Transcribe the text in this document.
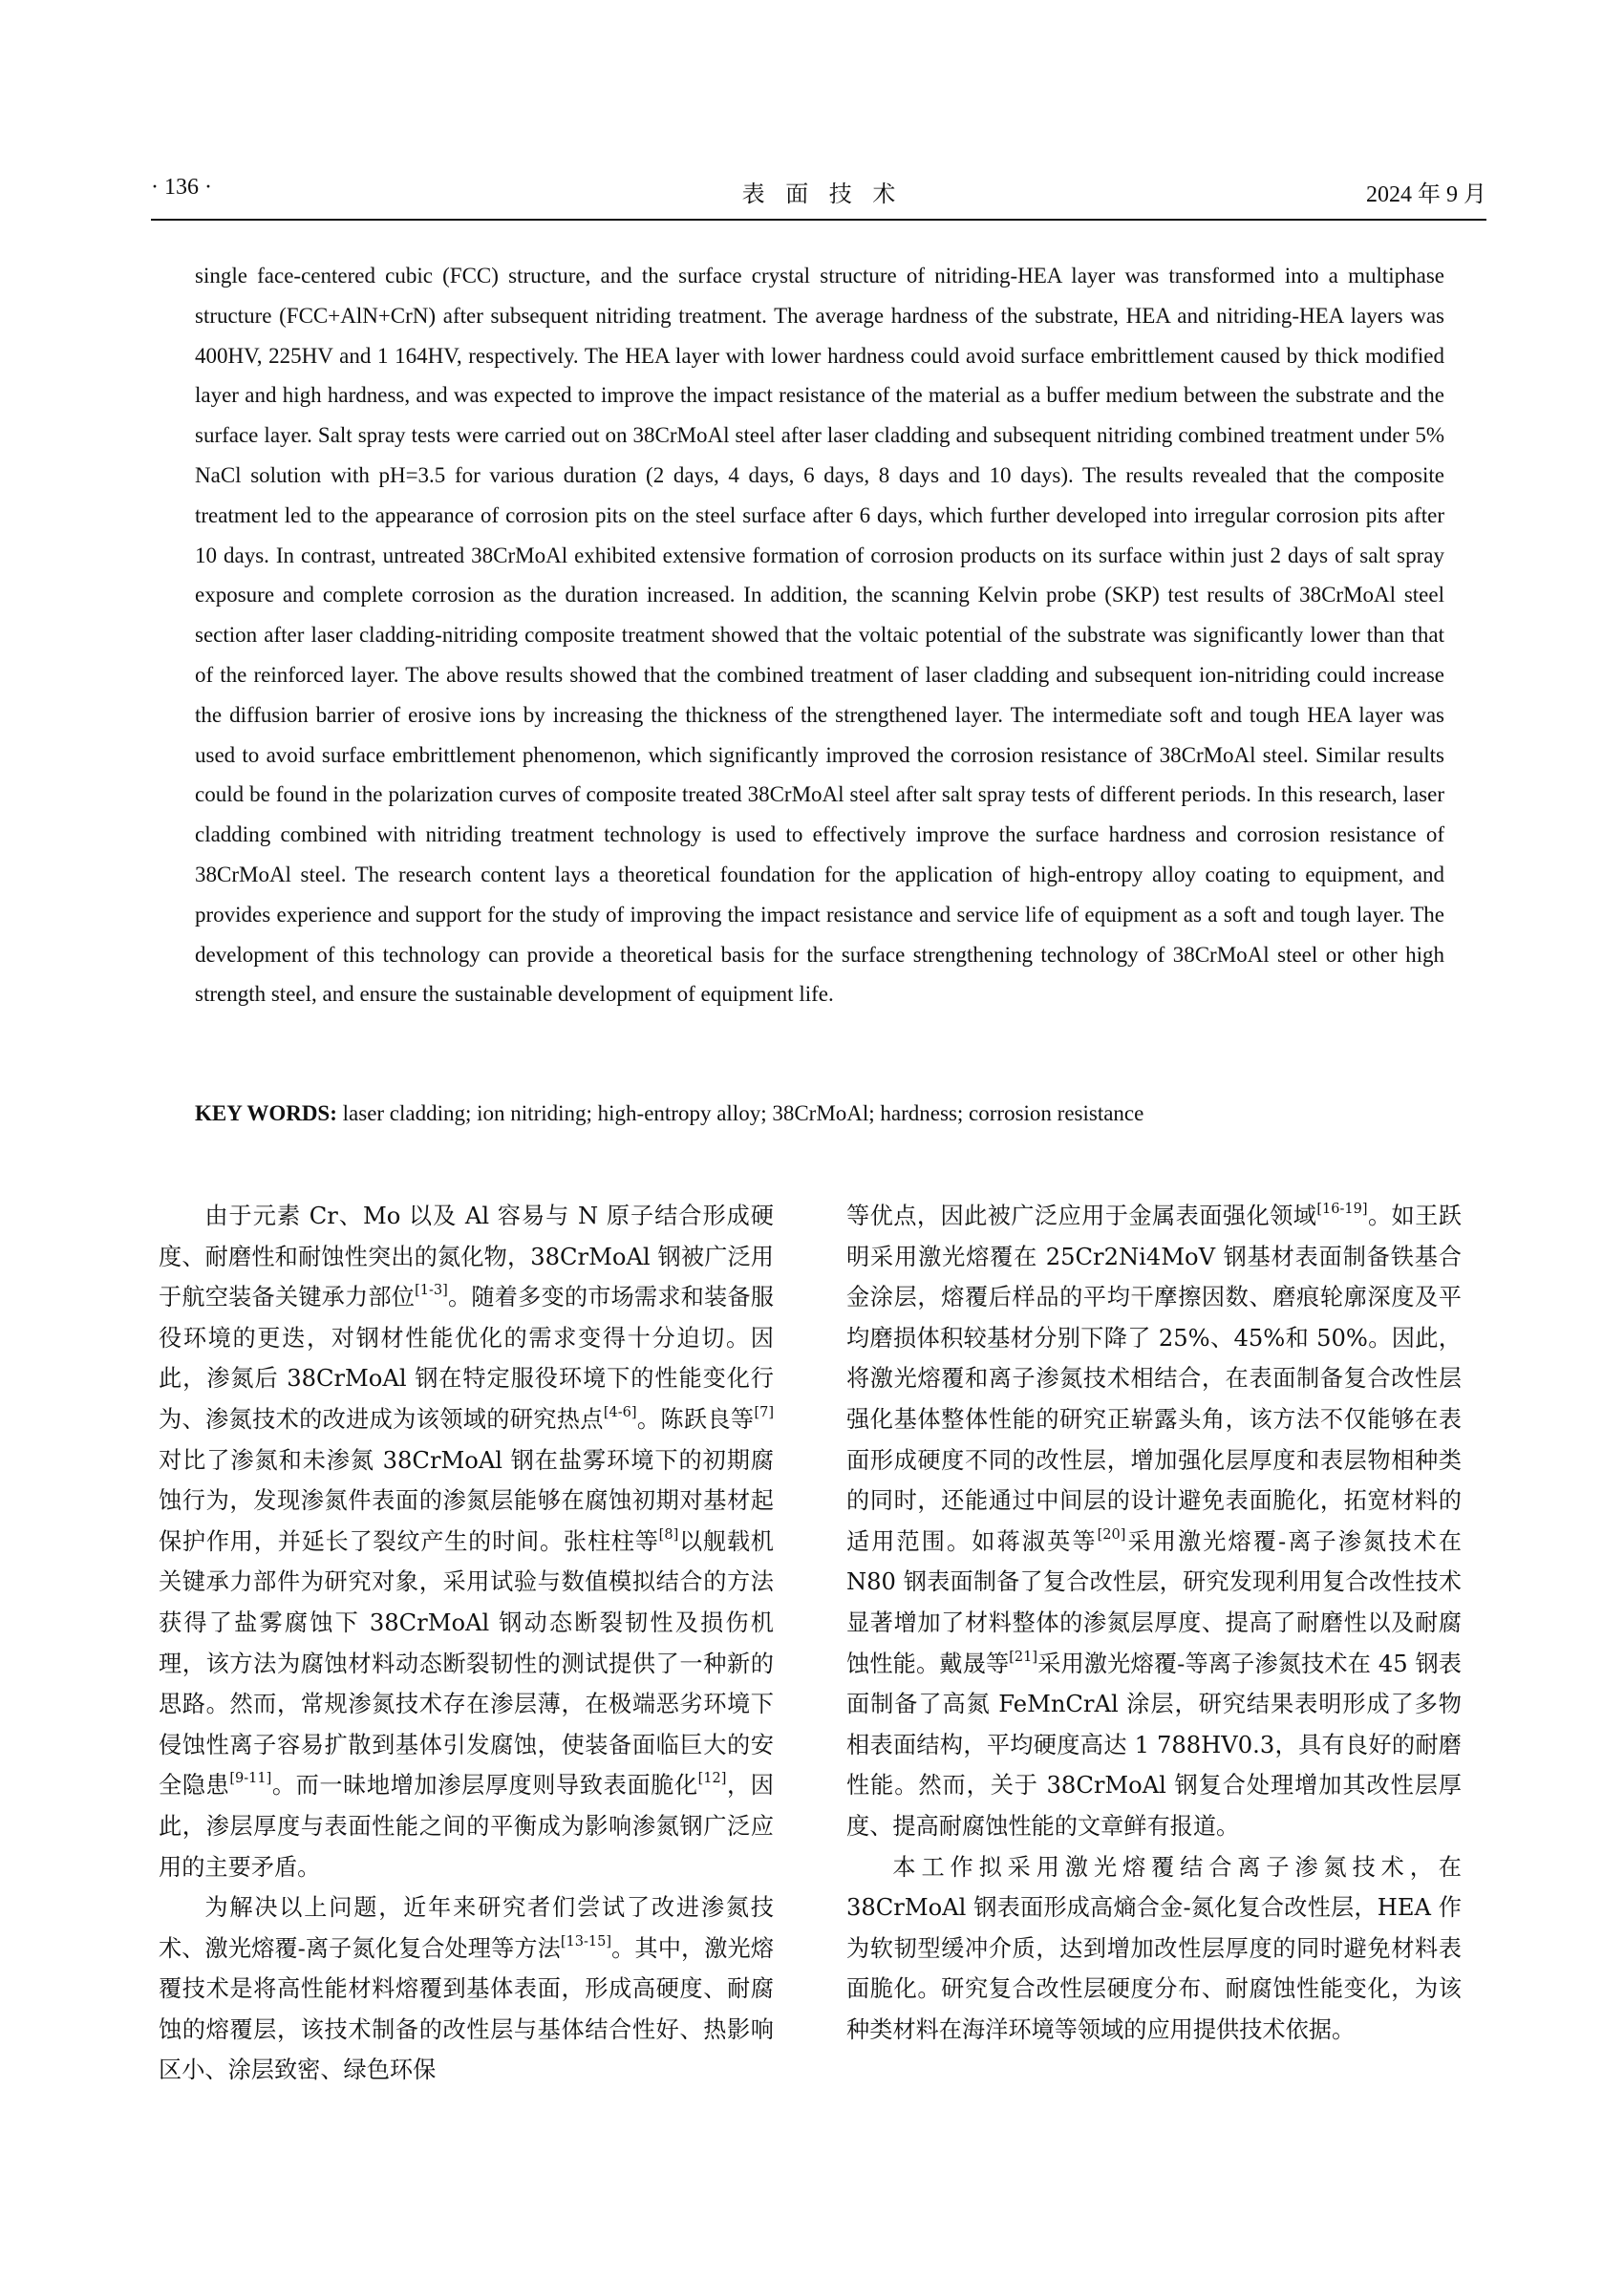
· 136 ·	表面技术	2024 年 9 月
single face-centered cubic (FCC) structure, and the surface crystal structure of nitriding-HEA layer was transformed into a multiphase structure (FCC+AlN+CrN) after subsequent nitriding treatment. The average hardness of the substrate, HEA and nitriding-HEA layers was 400HV, 225HV and 1 164HV, respectively. The HEA layer with lower hardness could avoid surface embrittlement caused by thick modified layer and high hardness, and was expected to improve the impact resistance of the material as a buffer medium between the substrate and the surface layer. Salt spray tests were carried out on 38CrMoAl steel after laser cladding and subsequent nitriding combined treatment under 5% NaCl solution with pH=3.5 for various duration (2 days, 4 days, 6 days, 8 days and 10 days). The results revealed that the composite treatment led to the appearance of corrosion pits on the steel surface after 6 days, which further developed into irregular corrosion pits after 10 days. In contrast, untreated 38CrMoAl exhibited extensive formation of corrosion products on its surface within just 2 days of salt spray exposure and complete corrosion as the duration increased. In addition, the scanning Kelvin probe (SKP) test results of 38CrMoAl steel section after laser cladding-nitriding composite treatment showed that the voltaic potential of the substrate was significantly lower than that of the reinforced layer. The above results showed that the combined treatment of laser cladding and subsequent ion-nitriding could increase the diffusion barrier of erosive ions by increasing the thickness of the strengthened layer. The intermediate soft and tough HEA layer was used to avoid surface embrittlement phenomenon, which significantly improved the corrosion resistance of 38CrMoAl steel. Similar results could be found in the polarization curves of composite treated 38CrMoAl steel after salt spray tests of different periods. In this research, laser cladding combined with nitriding treatment technology is used to effectively improve the surface hardness and corrosion resistance of 38CrMoAl steel. The research content lays a theoretical foundation for the application of high-entropy alloy coating to equipment, and provides experience and support for the study of improving the impact resistance and service life of equipment as a soft and tough layer. The development of this technology can provide a theoretical basis for the surface strengthening technology of 38CrMoAl steel or other high strength steel, and ensure the sustainable development of equipment life.
KEY WORDS: laser cladding; ion nitriding; high-entropy alloy; 38CrMoAl; hardness; corrosion resistance

由于元素 Cr、Mo 以及 Al 容易与 N 原子结合形成硬度、耐磨性和耐蚀性突出的氮化物，38CrMoAl 钢被广泛用于航空装备关键承力部位[1-3]。随着多变的市场需求和装备服役环境的更迭，对钢材性能优化的需求变得十分迫切。因此，渗氮后 38CrMoAl 钢在特定服役环境下的性能变化行为、渗氮技术的改进成为该领域的研究热点[4-6]。陈跃良等[7]对比了渗氮和未渗氮 38CrMoAl 钢在盐雾环境下的初期腐蚀行为，发现渗氮件表面的渗氮层能够在腐蚀初期对基材起保护作用，并延长了裂纹产生的时间。张柱柱等[8]以舰载机关键承力部件为研究对象，采用试验与数值模拟结合的方法获得了盐雾腐蚀下 38CrMoAl 钢动态断裂韧性及损伤机理，该方法为腐蚀材料动态断裂韧性的测试提供了一种新的思路。然而，常规渗氮技术存在渗层薄，在极端恶劣环境下侵蚀性离子容易扩散到基体引发腐蚀，使装备面临巨大的安全隐患[9-11]。而一昧地增加渗层厚度则导致表面脆化[12]，因此，渗层厚度与表面性能之间的平衡成为影响渗氮钢广泛应用的主要矛盾。

为解决以上问题，近年来研究者们尝试了改进渗氮技术、激光熔覆-离子氮化复合处理等方法[13-15]。其中，激光熔覆技术是将高性能材料熔覆到基体表面，形成高硬度、耐腐蚀的熔覆层，该技术制备的改性层与基体结合性好、热影响区小、涂层致密、绿色环保

等优点，因此被广泛应用于金属表面强化领域[16-19]。如王跃明采用激光熔覆在 25Cr2Ni4MoV 钢基材表面制备铁基合金涂层，熔覆后样品的平均干摩擦因数、磨痕轮廓深度及平均磨损体积较基材分别下降了 25%、45%和 50%。因此，将激光熔覆和离子渗氮技术相结合，在表面制备复合改性层强化基体整体性能的研究正崭露头角，该方法不仅能够在表面形成硬度不同的改性层，增加强化层厚度和表层物相种类的同时，还能通过中间层的设计避免表面脆化，拓宽材料的适用范围。如蒋淑英等[20]采用激光熔覆-离子渗氮技术在 N80 钢表面制备了复合改性层，研究发现利用复合改性技术显著增加了材料整体的渗氮层厚度、提高了耐磨性以及耐腐蚀性能。戴晟等[21]采用激光熔覆-等离子渗氮技术在 45 钢表面制备了高氮 FeMnCrAl 涂层，研究结果表明形成了多物相表面结构，平均硬度高达 1 788HV0.3，具有良好的耐磨性能。然而，关于 38CrMoAl 钢复合处理增加其改性层厚度、提高耐腐蚀性能的文章鲜有报道。

本工作拟采用激光熔覆结合离子渗氮技术，在 38CrMoAl 钢表面形成高熵合金-氮化复合改性层，HEA 作为软韧型缓冲介质，达到增加改性层厚度的同时避免材料表面脆化。研究复合改性层硬度分布、耐腐蚀性能变化，为该种类材料在海洋环境等领域的应用提供技术依据。
